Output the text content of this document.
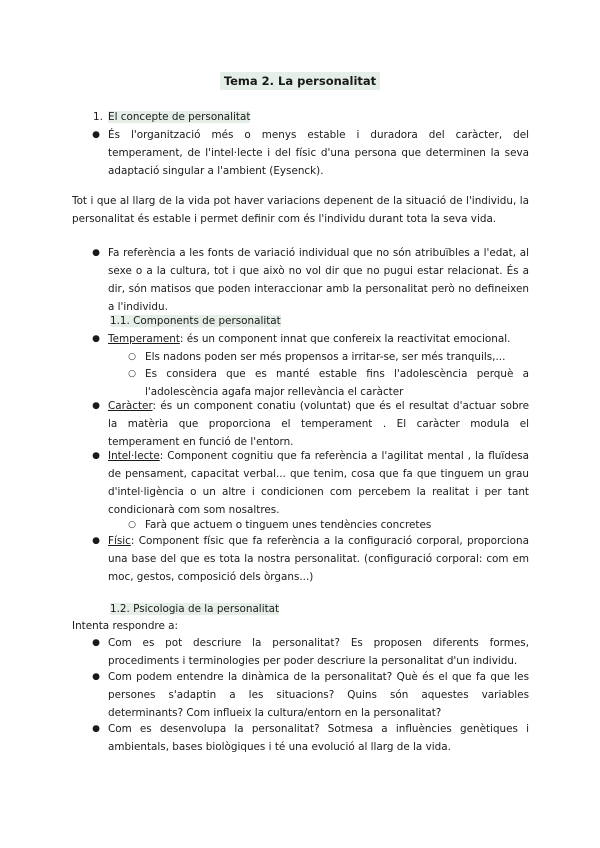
Tema 2. La personalitat
1. El concepte de personalitat
● És l'organització més o menys estable i duradora del caràcter, del temperament, de l'intel·lecte i del físic d'una persona que determinen la seva adaptació singular a l'ambient (Eysenck).
Tot i que al llarg de la vida pot haver variacions depenent de la situació de l'individu, la personalitat és estable i permet definir com és l'individu durant tota la seva vida.
● Fa referència a les fonts de variació individual que no són atribuïbles a l'edat, al sexe o a la cultura, tot i que això no vol dir que no pugui estar relacionat. És a dir, són matisos que poden interaccionar amb la personalitat però no defineixen a l'individu.
1.1. Components de personalitat
● Temperament: és un component innat que confereix la reactivitat emocional.
○ Els nadons poden ser més propensos a irritar-se, ser més tranquils,...
○ Es considera que es manté estable fins l'adolescència perquè a l'adolescència agafa major rellevància el caràcter
● Caràcter: és un component conatiu (voluntat) que és el resultat d'actuar sobre la matèria que proporciona el temperament . El caràcter modula el temperament en funció de l'entorn.
● Intel·lecte: Component cognitiu que fa referència a l'agilitat mental , la fluïdesa de pensament, capacitat verbal... que tenim, cosa que fa que tinguem un grau d'intel·ligència o un altre i condicionen com percebem la realitat i per tant condicionarà com som nosaltres.
○ Farà que actuem o tinguem unes tendències concretes
● Físic: Component físic que fa referència a la configuració corporal, proporciona una base del que es tota la nostra personalitat. (configuració corporal: com em moc, gestos, composició dels òrgans...)
1.2. Psicologia de la personalitat
Intenta respondre a:
● Com es pot descriure la personalitat? Es proposen diferents formes, procediments i terminologies per poder descriure la personalitat d'un individu.
● Com podem entendre la dinàmica de la personalitat? Què és el que fa que les persones s'adaptin a les situacions? Quins són aquestes variables determinants? Com influeix la cultura/entorn en la personalitat?
● Com es desenvolupa la personalitat? Sotmesa a influències genètiques i ambientals, bases biològiques i té una evolució al llarg de la vida.
